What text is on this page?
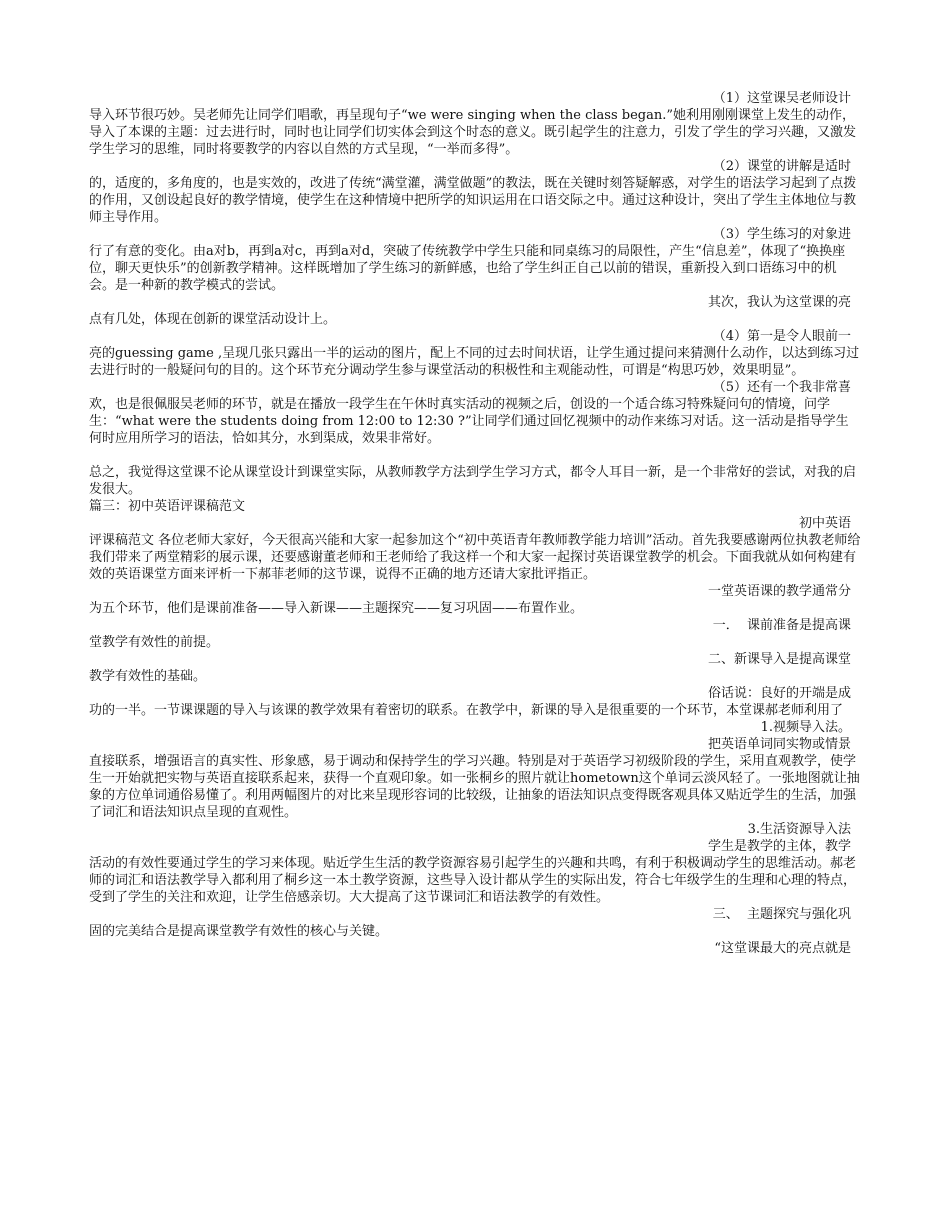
（1）这堂课吴老师设计
导入环节很巧妙。吴老师先让同学们唱歌，再呈现句子“we were singing when the class began.”她利用刚刚课堂上发生的动作，导入了本课的主题：过去进行时，同时也让同学们切实体会到这个时态的意义。既引起学生的注意力，引发了学生的学习兴趣，又激发学生学习的思维，同时将要教学的内容以自然的方式呈现，“一举而多得”。
（2）课堂的讲解是适时
的，适度的，多角度的，也是实效的，改进了传统“满堂灌，满堂做题”的教法，既在关键时刻答疑解惑，对学生的语法学习起到了点拨的作用，又创设起良好的教学情境，使学生在这种情境中把所学的知识运用在口语交际之中。通过这种设计，突出了学生主体地位与教师主导作用。
（3）学生练习的对象进
行了有意的变化。由a对b，再到a对c，再到a对d，突破了传统教学中学生只能和同桌练习的局限性，产生“信息差”，体现了“换换座位，聊天更快乐”的创新教学精神。这样既增加了学生练习的新鲜感，也给了学生纠正自己以前的错误，重新投入到口语练习中的机会。是一种新的教学模式的尝试。
其次，我认为这堂课的亮
点有几处，体现在创新的课堂活动设计上。
（4）第一是令人眼前一
亮的guessing game ,呈现几张只露出一半的运动的图片，配上不同的过去时间状语，让学生通过提问来猜测什么动作，以达到练习过去进行时的一般疑问句的目的。这个环节充分调动学生参与课堂活动的积极性和主观能动性，可谓是“构思巧妙，效果明显”。
（5）还有一个我非常喜
欢，也是很佩服吴老师的环节，就是在播放一段学生在午休时真实活动的视频之后，创设的一个适合练习特殊疑问句的情境，问学生：“what were the students doing from 12:00 to 12:30 ?”让同学们通过回忆视频中的动作来练习对话。这一活动是指导学生何时应用所学习的语法，恰如其分，水到渠成，效果非常好。
总之，我觉得这堂课不论从课堂设计到课堂实际，从教师教学方法到学生学习方式，都令人耳目一新，是一个非常好的尝试，对我的启发很大。
篇三：初中英语评课稿范文
初中英语
评课稿范文 各位老师大家好，今天很高兴能和大家一起参加这个“初中英语青年教师教学能力培训”活动。首先我要感谢两位执教老师给我们带来了两堂精彩的展示课，还要感谢董老师和王老师给了我这样一个和大家一起探讨英语课堂教学的机会。下面我就从如何构建有效的英语课堂方面来评析一下郝菲老师的这节课，说得不正确的地方还请大家批评指正。
一堂英语课的教学通常分
为五个环节，他们是课前准备——导入新课——主题探究——复习巩固——布置作业。
一．  课前准备是提高课
堂教学有效性的前提。
二、新课导入是提高课堂
教学有效性的基础。
俗话说：良好的开端是成
功的一半。一节课课题的导入与该课的教学效果有着密切的联系。在教学中，新课的导入是很重要的一个环节，本堂课郝老师利用了
1.视频导入法。
把英语单词同实物或情景
直接联系，增强语言的真实性、形象感，易于调动和保持学生的学习兴趣。特别是对于英语学习初级阶段的学生，采用直观教学，使学生一开始就把实物与英语直接联系起来，获得一个直观印象。如一张桐乡的照片就让hometown这个单词云淡风轻了。一张地图就让抽象的方位单词通俗易懂了。利用两幅图片的对比来呈现形容词的比较级，让抽象的语法知识点变得既客观具体又贴近学生的生活，加强了词汇和语法知识点呈现的直观性。
3.生活资源导入法
学生是教学的主体，教学
活动的有效性要通过学生的学习来体现。贴近学生生活的教学资源容易引起学生的兴趣和共鸣，有利于积极调动学生的思维活动。郝老师的词汇和语法教学导入都利用了桐乡这一本土教学资源，这些导入设计都从学生的实际出发，符合七年级学生的生理和心理的特点，受到了学生的关注和欢迎，让学生倍感亲切。大大提高了这节课词汇和语法教学的有效性。
三、  主题探究与强化巩
固的完美结合是提高课堂教学有效性的核心与关键。
“这堂课最大的亮点就是
